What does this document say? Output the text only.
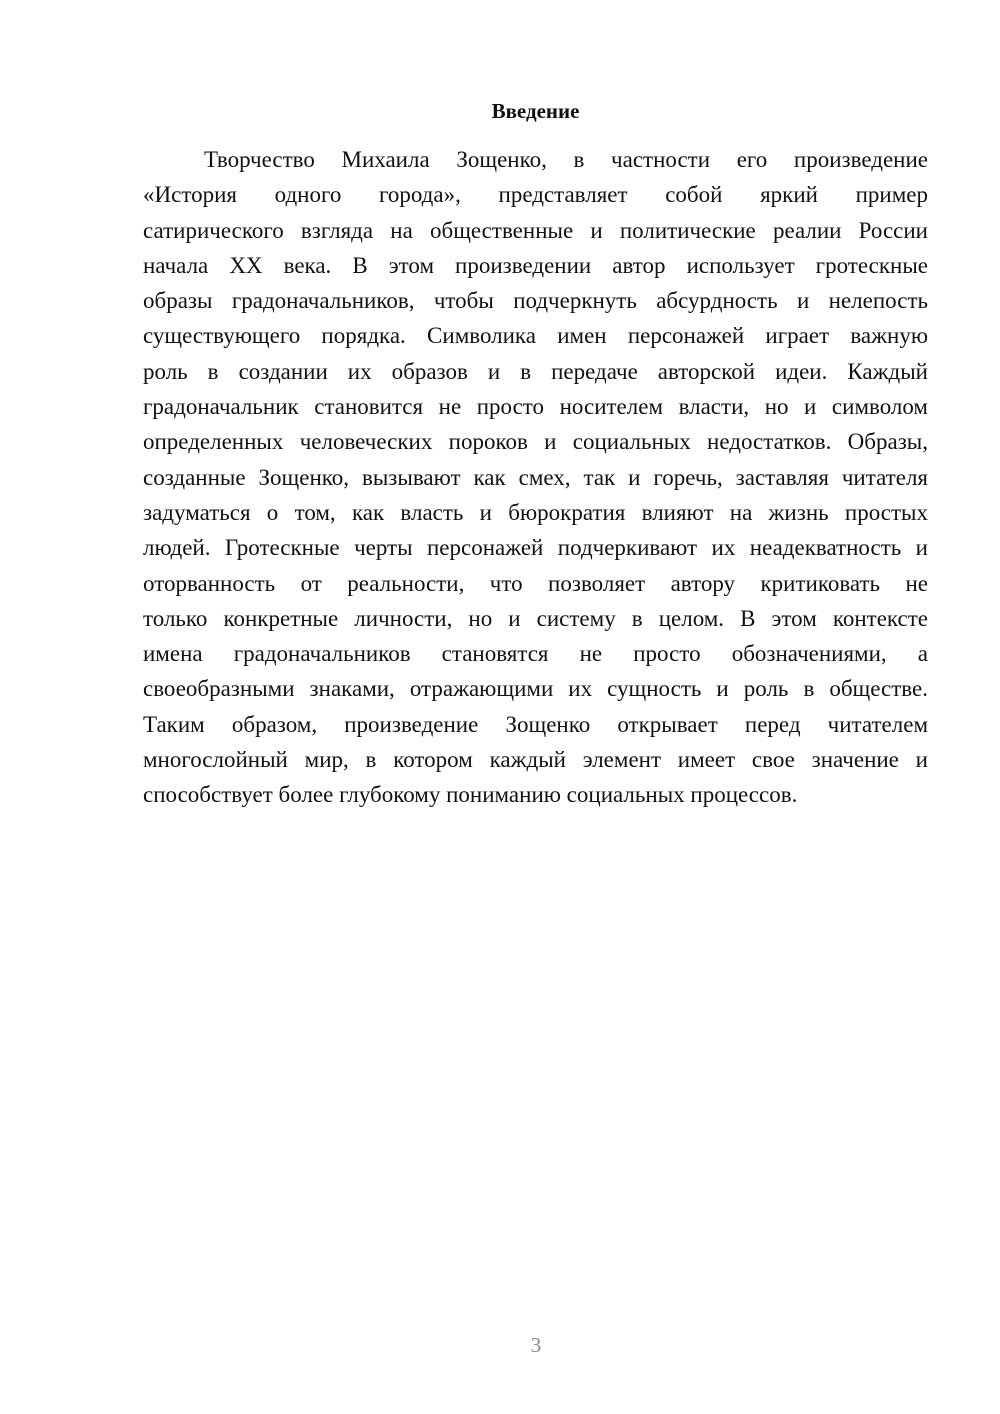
Введение
Творчество Михаила Зощенко, в частности его произведение
«История одного города», представляет собой яркий пример
сатирического взгляда на общественные и политические реалии России
начала XX века. В этом произведении автор использует гротескные
образы градоначальников, чтобы подчеркнуть абсурдность и нелепость
существующего порядка. Символика имен персонажей играет важную
роль в создании их образов и в передаче авторской идеи. Каждый
градоначальник становится не просто носителем власти, но и символом
определенных человеческих пороков и социальных недостатков. Образы,
созданные Зощенко, вызывают как смех, так и горечь, заставляя читателя
задуматься о том, как власть и бюрократия влияют на жизнь простых
людей. Гротескные черты персонажей подчеркивают их неадекватность и
оторванность от реальности, что позволяет автору критиковать не
только конкретные личности, но и систему в целом. В этом контексте
имена градоначальников становятся не просто обозначениями, а
своеобразными знаками, отражающими их сущность и роль в обществе.
Таким образом, произведение Зощенко открывает перед читателем
многослойный мир, в котором каждый элемент имеет свое значение и
способствует более глубокому пониманию социальных процессов.
3
